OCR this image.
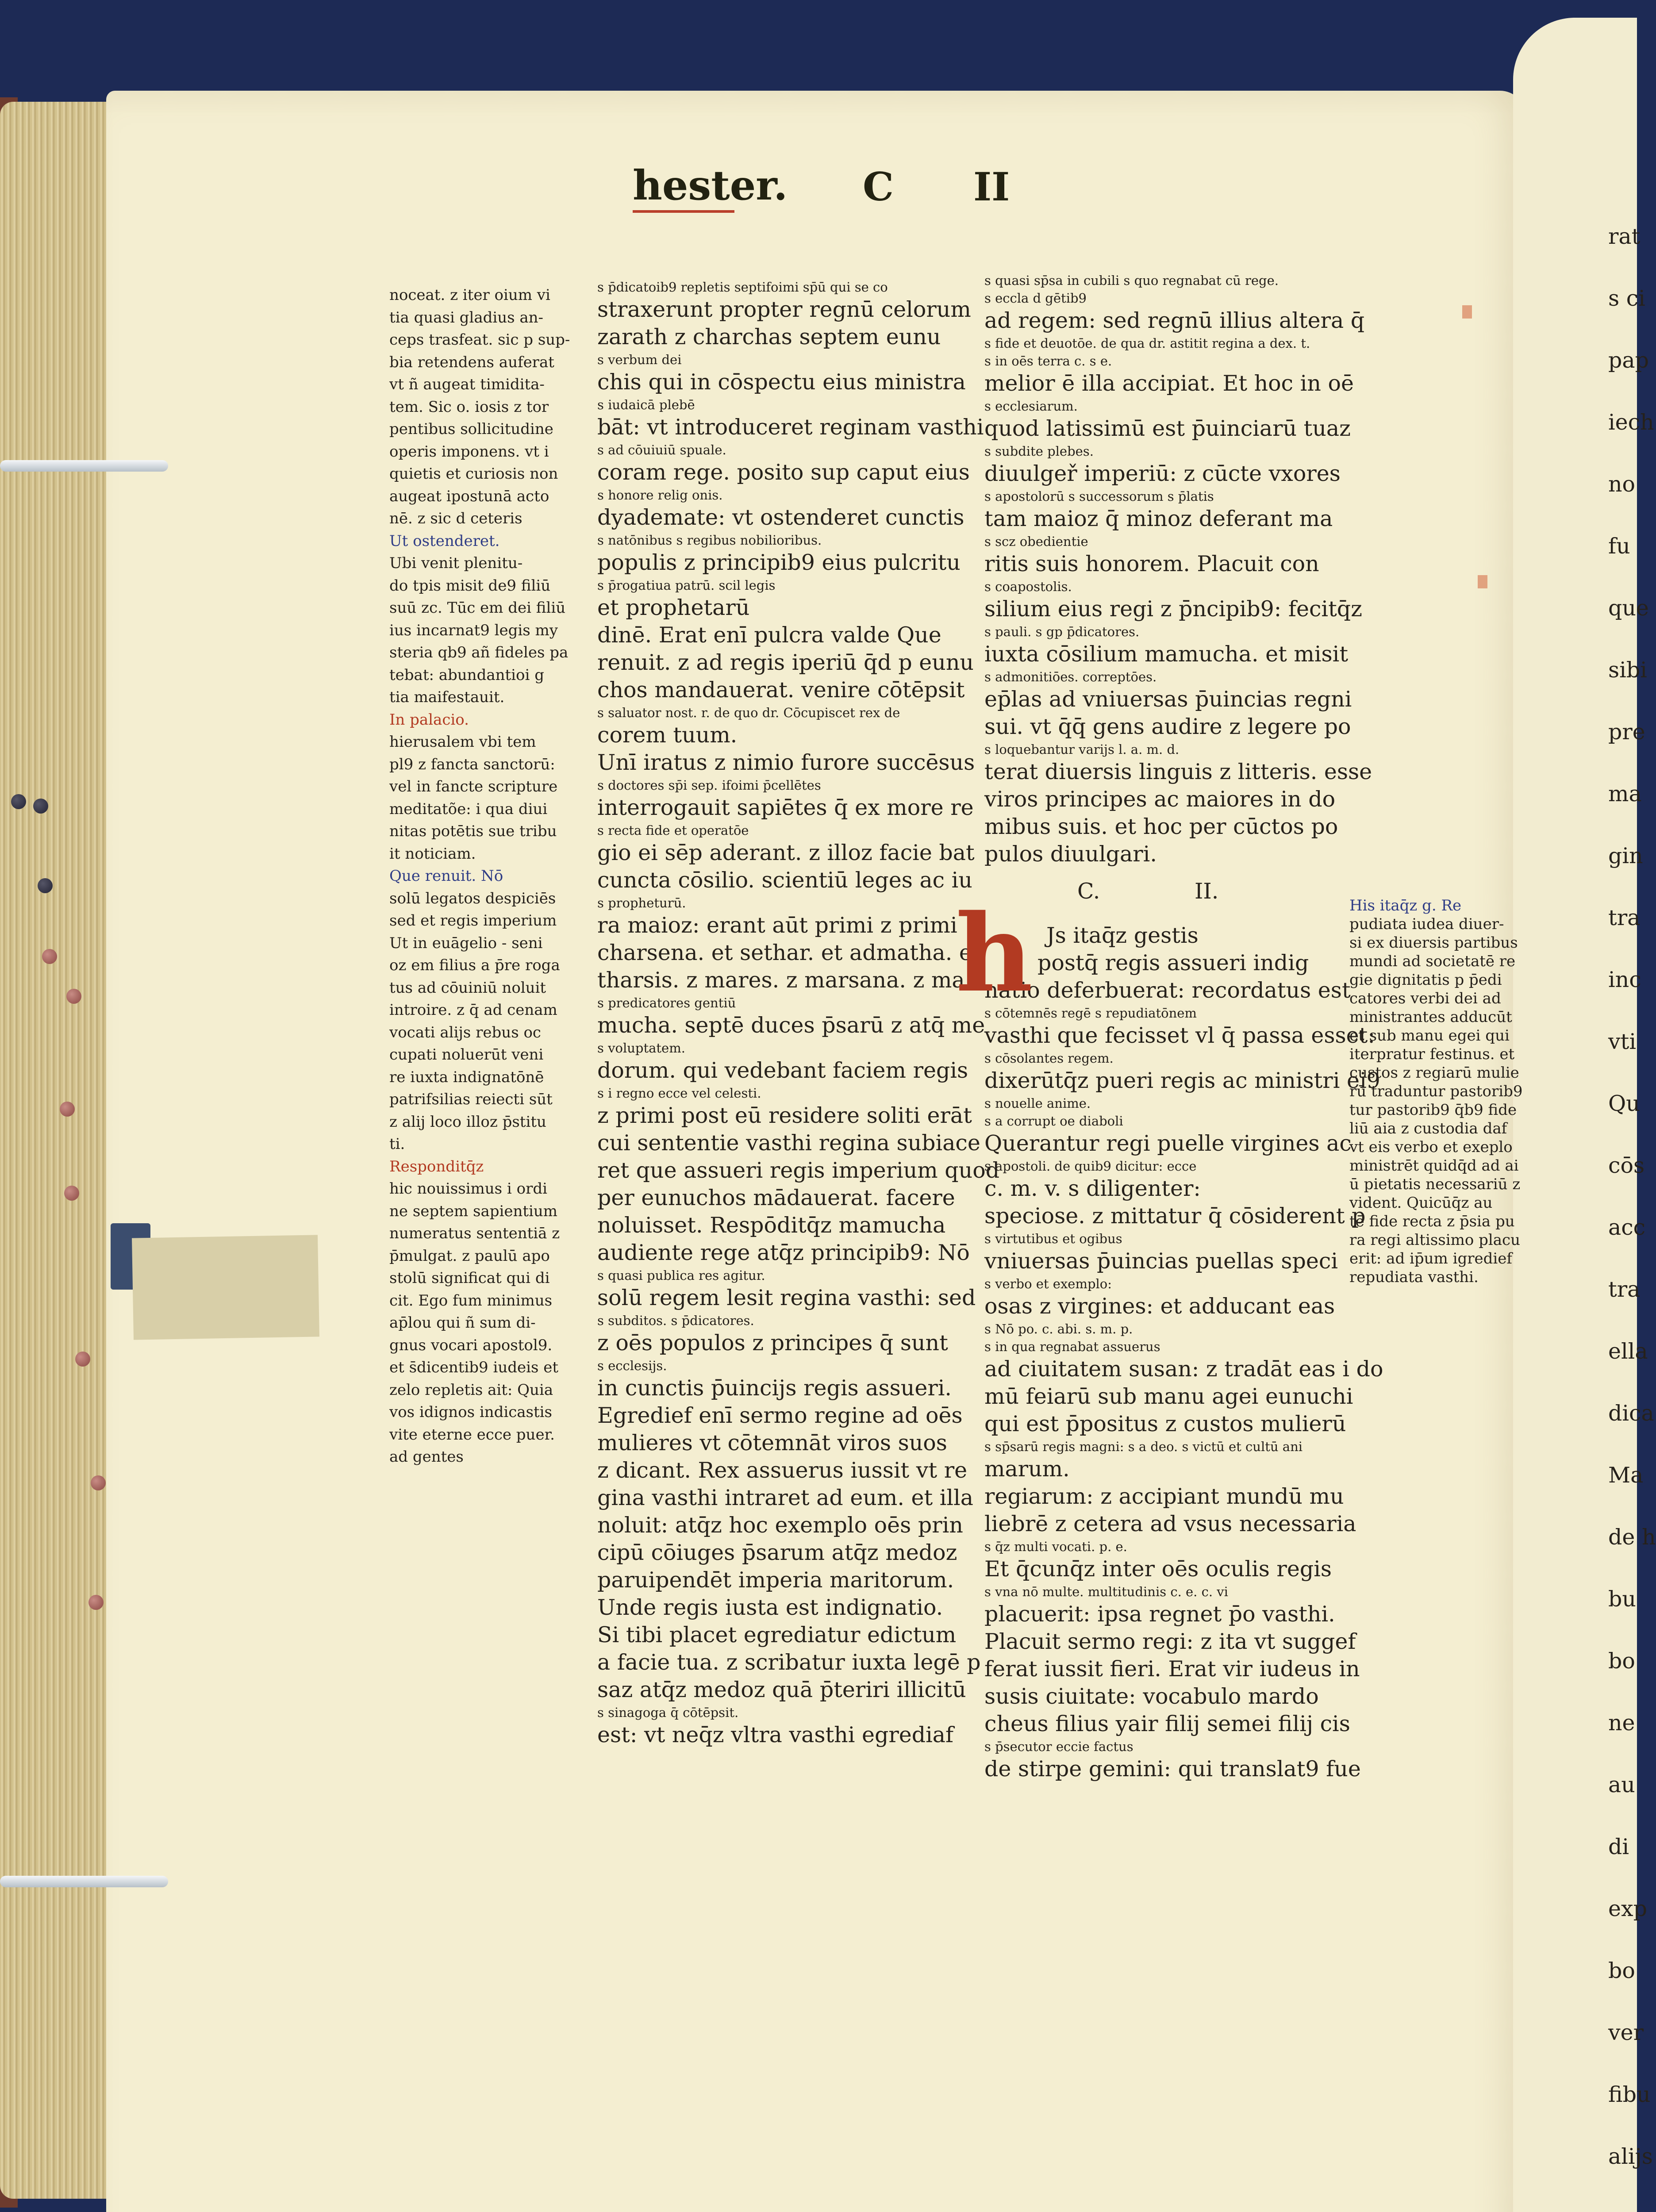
hester. C II
noceat. z iter oium vi
tia quasi gladius an-
ceps trasfeat. sic p sup-
bia retendens auferat
vt ñ augeat timidita-
tem. Sic o. iosis z tor
pentibus sollicitudine
operis imponens. vt i
quietis et curiosis non
augeat ipostunā acto
nē. z sic d ceteris
Ut ostenderet.
Ubi venit plenitu-
do tpis misit de9 filiū
suū zc. Tūc em dei filiū
ius incarnat9 legis my
steria qb9 añ fideles pa
tebat: abundantioi g
tia maifestauit.
In palacio.
hierusalem vbi tem
pl9 z fancta sanctorū:
vel in fancte scripture
meditatõe: i qua diui
nitas potētis sue tribu
it noticiam.
Que renuit. Nō
solū legatos despiciēs
sed et regis imperium
Ut in euāgelio - seni
oz em filius a p̄re roga
tus ad cōuiniū noluit
introire. z q̄ ad cenam
vocati alijs rebus oc
cupati noluerūt veni
re iuxta indignatōnē
patrifsilias reiecti sūt
z alij loco illoz p̄stitu
ti.
Responditq̄z
hic nouissimus i ordi
ne septem sapientium
numeratus sententiā z
p̄mulgat. z paulū apo
stolū significat qui di
cit. Ego fum minimus
ap̄lou qui ñ sum di-
gnus vocari apostol9.
et s̄dicentib9 iudeis et
zelo repletis ait: Quia
vos idignos indicastis
vite eterne ecce puer.
ad gentes
s p̄dicatoib9 repletis septifoimi sp̄ū qui se co
straxerunt propter regnū celorum
zarath z charchas septem eunu
s verbum dei
chis qui in cōspectu eius ministra
s iudaicā plebē
bāt: vt introduceret reginam vasthi
s ad cōuiuiū spuale.
coram rege. posito sup caput eius
s honore relig onis.
dyademate: vt ostenderet cunctis
s natōnibus s regibus nobilioribus.
populis z principib9 eius pulcritu
s p̄rogatiua patrū. scil legis
et prophetarū
dinē. Erat enī pulcra valde Que
renuit. z ad regis iperiū q̄d p eunu
chos mandauerat. venire cōtēpsit
s saluator nost. r. de quo dr. Cōcupiscet rex de
corem tuum.
Unī iratus z nimio furore succēsus
s doctores sp̄i sep. ifoimi p̄cellētes
interrogauit sapiētes q̄ ex more re
s recta fide et operatōe
gio ei sēp aderant. z illoz facie bat
cuncta cōsilio. scientiū leges ac iu
s propheturū.
ra maioz: erant aūt primi z primi
charsena. et sethar. et admatha. et
tharsis. z mares. z marsana. z ma
s predicatores gentiū
mucha. septē duces p̄sarū z atq̄ me
s voluptatem.
dorum. qui vedebant faciem regis
s i regno ecce vel celesti.
z primi post eū residere soliti erāt
cui sententie vasthi regina subiace
ret que assueri regis imperium quod
per eunuchos mādauerat. facere
noluisset. Respōditq̄z mamucha
audiente rege atq̄z principib9: Nō
s quasi publica res agitur.
solū regem lesit regina vasthi: sed
s subditos. s p̄dicatores.
z oēs populos z principes q̄ sunt
s ecclesijs.
in cunctis p̄uincijs regis assueri.
Egredief enī sermo regine ad oēs
mulieres vt cōtemnāt viros suos
z dicant. Rex assuerus iussit vt re
gina vasthi intraret ad eum. et illa
noluit: atq̄z hoc exemplo oēs prin
cipū cōiuges p̄sarum atq̄z medoz
paruipendēt imperia maritorum.
Unde regis iusta est indignatio.
Si tibi placet egrediatur edictum
a facie tua. z scribatur iuxta legē p
saz atq̄z medoz quā p̄teriri illicitū
s sinagoga q̄ cōtēpsit.
est: vt neq̄z vltra vasthi egrediaf
s quasi sp̄sa in cubili s quo regnabat cū rege.
s eccla d gētib9
ad regem: sed regnū illius altera q̄
s fide et deuotōe. de qua dr. astitit regina a dex. t.
s in oēs terra c. s e.
melior ē illa accipiat. Et hoc in oē
s ecclesiarum.
quod latissimū est p̄uinciarū tuaz
s subdite plebes.
diuulgeř imperiū: z cūcte vxores
s apostolorū s successorum s p̄latis
tam maioz q̄ minoz deferant ma
s scz obedientie
ritis suis honorem. Placuit con
s coapostolis.
silium eius regi z p̄ncipib9: fecitq̄z
s pauli. s gp p̄dicatores.
iuxta cōsilium mamucha. et misit
s admonitiōes. correptōes.
ep̄las ad vniuersas p̄uincias regni
sui. vt q̄q̄ gens audire z legere po
s loquebantur varijs l. a. m. d.
terat diuersis linguis z litteris. esse
viros principes ac maiores in do
mibus suis. et hoc per cūctos po
pulos diuulgari.
Js itaq̄z gestis
postq̄ regis assueri indig
natio deferbuerat: recordatus est
s cōtemnēs regē s repudiatōnem
vasthi que fecisset vl q̄ passa esset:
s cōsolantes regem.
dixerūtq̄z pueri regis ac ministri ei9
s nouelle anime.
s a corrupt oe diaboli
Querantur regi puelle virgines ac
s apostoli. de quib9 dicitur: ecce
c. m. v. s diligenter:
speciose. z mittatur q̄ cōsiderent p
s virtutibus et ogibus
vniuersas p̄uincias puellas speci
s verbo et exemplo:
osas z virgines: et adducant eas
s Nō po. c. abi. s. m. p.
s in qua regnabat assuerus
ad ciuitatem susan: z tradāt eas i do
mū feiarū sub manu agei eunuchi
qui est p̄positus z custos mulierū
s sp̄sarū regis magni: s a deo. s victū et cultū ani
marum.
regiarum: z accipiant mundū mu
liebrē z cetera ad vsus necessaria
s q̄z multi vocati. p. e.
Et q̄cunq̄z inter oēs oculis regis
s vna nō multe. multitudinis c. e. c. vi
placuerit: ipsa regnet p̄o vasthi.
Placuit sermo regi: z ita vt suggef
ferat iussit fieri. Erat vir iudeus in
susis ciuitate: vocabulo mardo
cheus filius yair filij semei filij cis
s p̄secutor eccie factus
de stirpe gemini: qui translat9 fue
His itaq̄z g. Re
pudiata iudea diuer-
si ex diuersis partibus
mundi ad societatē re
gie dignitatis p p̄edi
catores verbi dei ad
ministrantes adducūt
et sub manu egei qui
iterpratur festinus. et
custos z regiarū mulie
rū traduntur pastorib9
tur pastorib9 q̄b9 fide
liū aia z custodia daf
vt eis verbo et exeplo
ministrēt quidq̄d ad ai
ū pietatis necessariū z
vident. Quicūq̄z au
tē fide recta z p̄sia pu
ra regi altissimo placu
erit: ad ip̄um igredief
repudiata vasthi.
rat
s ci
pap
iech
no
fu
que
sibi
pre
ma
gin
tra
inc
vti
Qu
cōs
acc
tra
ella
dica
Ma
de h
bu
bo
ne
au
di
exp
bo
ver
fibu
alijs
C.	II.
h
